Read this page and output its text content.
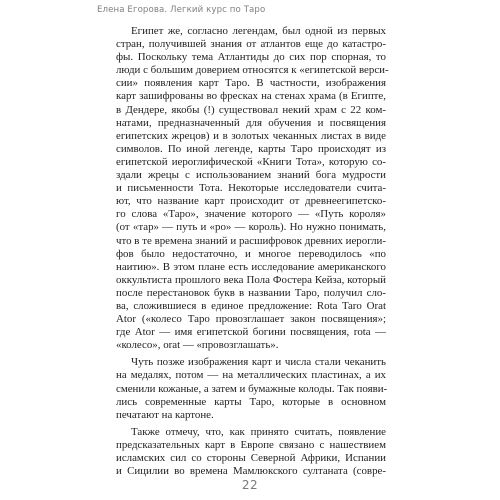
Елена Егорова. Легкий курс по Таро
Египет же, согласно легендам, был одной из первых
стран, получившей знания от атлантов еще до катастро-
фы. Поскольку тема Атлантиды до сих пор спорная, то
люди с большим доверием относятся к «египетской верси-
сии» появления карт Таро. В частности, изображения
карт зашифрованы во фресках на стенах храма (в Египте,
в Дендере, якобы (!) существовал некий храм с 22 ком-
натами, предназначенный для обучения и посвящения
египетских жрецов) и в золотых чеканных листах в виде
символов. По иной легенде, карты Таро происходят из
египетской иероглифической «Книги Тота», которую со-
здали жрецы с использованием знаний бога мудрости
и письменности Тота. Некоторые исследователи счита-
ют, что название карт происходит от древнеегипетско-
го слова «Таро», значение которого — «Путь короля»
(от «тар» — путь и «ро» — король). Но нужно понимать,
что в те времена знаний и расшифровок древних иерогли-
фов было недостаточно, и многое переводилось «по
наитию». В этом плане есть исследование американского
оккультиста прошлого века Пола Фостера Кейза, который
после перестановок букв в названии Таро, получил сло-
ва, сложившиеся в единое предложение: Rota Taro Orat
Ator («колесо Таро провозглашает закон посвящения»;
где Ator — имя египетской богини посвящения, rota —
«колесо», orat — «провозглашать».
Чуть позже изображения карт и числа стали чеканить
на медалях, потом — на металлических пластинах, а их
сменили кожаные, а затем и бумажные колоды. Так появи-
лись современные карты Таро, которые в основном
печатают на картоне.
Также отмечу, что, как принято считать, появление
предсказательных карт в Европе связано с нашествием
исламских сил со стороны Северной Африки, Испании
и Сицилии во времена Мамлюкского султаната (совре-
22
